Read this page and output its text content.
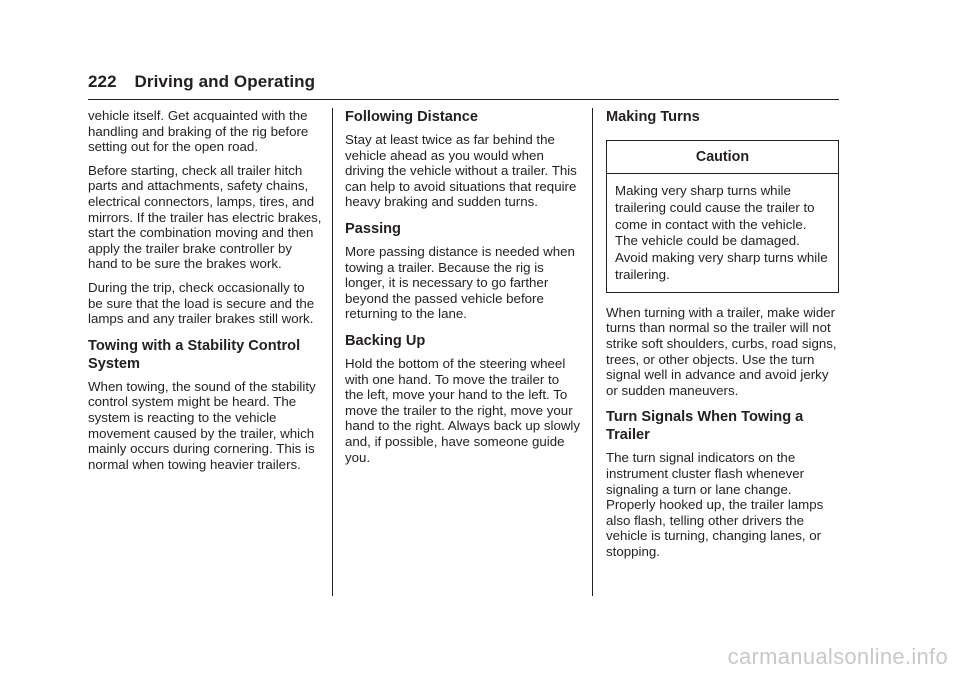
222 Driving and Operating

vehicle itself. Get acquainted with the handling and braking of the rig before setting out for the open road.

Before starting, check all trailer hitch parts and attachments, safety chains, electrical connectors, lamps, tires, and mirrors. If the trailer has electric brakes, start the combination moving and then apply the trailer brake controller by hand to be sure the brakes work.

During the trip, check occasionally to be sure that the load is secure and the lamps and any trailer brakes still work.

Towing with a Stability Control System

When towing, the sound of the stability control system might be heard. The system is reacting to the vehicle movement caused by the trailer, which mainly occurs during cornering. This is normal when towing heavier trailers.

Following Distance

Stay at least twice as far behind the vehicle ahead as you would when driving the vehicle without a trailer. This can help to avoid situations that require heavy braking and sudden turns.

Passing

More passing distance is needed when towing a trailer. Because the rig is longer, it is necessary to go farther beyond the passed vehicle before returning to the lane.

Backing Up

Hold the bottom of the steering wheel with one hand. To move the trailer to the left, move your hand to the left. To move the trailer to the right, move your hand to the right. Always back up slowly and, if possible, have someone guide you.

Making Turns
Caution
Making very sharp turns while trailering could cause the trailer to come in contact with the vehicle. The vehicle could be damaged. Avoid making very sharp turns while trailering.

When turning with a trailer, make wider turns than normal so the trailer will not strike soft shoulders, curbs, road signs, trees, or other objects. Use the turn signal well in advance and avoid jerky or sudden maneuvers.

Turn Signals When Towing a Trailer

The turn signal indicators on the instrument cluster flash whenever signaling a turn or lane change. Properly hooked up, the trailer lamps also flash, telling other drivers the vehicle is turning, changing lanes, or stopping.

carmanualsonline.info
